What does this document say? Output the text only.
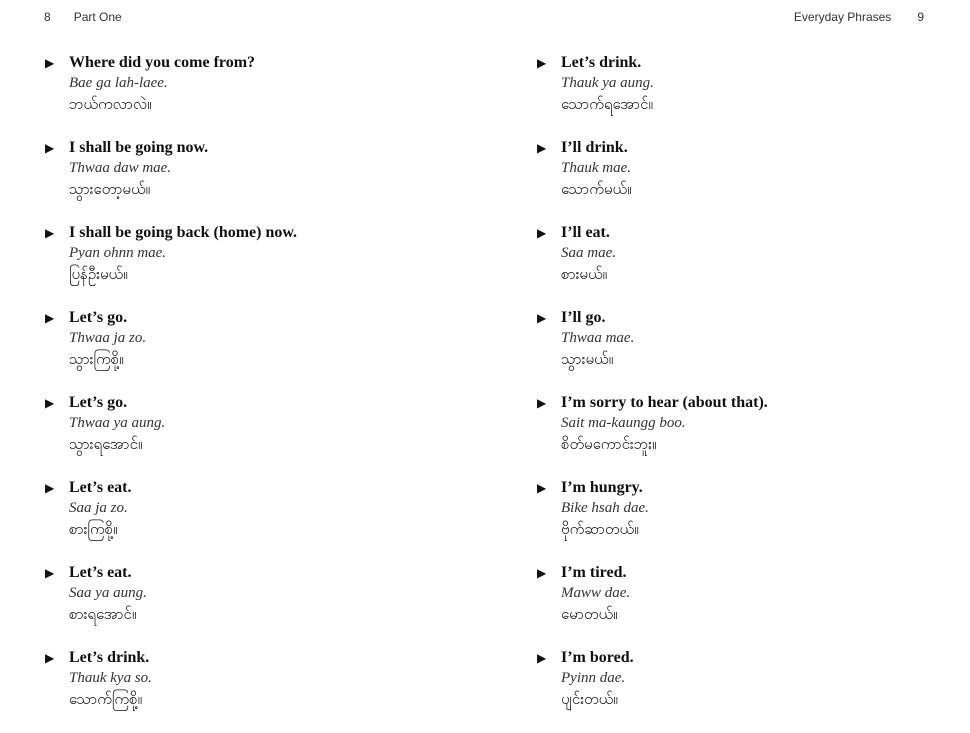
8 Part One	Everyday Phrases 9
▶ Where did you come from?
Bae ga lah-laee.
ဘယ်ကလာလဲ။
▶ I shall be going now.
Thwaa daw mae.
သွားတော့မယ်။
▶ I shall be going back (home) now.
Pyan ohnn mae.
ပြန်ဦးမယ်။
▶ Let’s go.
Thwaa ja zo.
သွားကြစို့။
▶ Let’s go.
Thwaa ya aung.
သွားရအောင်။
▶ Let’s eat.
Saa ja zo.
စားကြစို့။
▶ Let’s eat.
Saa ya aung.
စားရအောင်။
▶ Let’s drink.
Thauk kya so.
သောက်ကြစို့။
▶ Let’s drink.
Thauk ya aung.
သောက်ရအောင်။
▶ I’ll drink.
Thauk mae.
သောက်မယ်။
▶ I’ll eat.
Saa mae.
စားမယ်။
▶ I’ll go.
Thwaa mae.
သွားမယ်။
▶ I’m sorry to hear (about that).
Sait ma-kaungg boo.
စိတ်မကောင်းဘူး။
▶ I’m hungry.
Bike hsah dae.
ဗိုက်ဆာတယ်။
▶ I’m tired.
Maww dae.
မောတယ်။
▶ I’m bored.
Pyinn dae.
ပျင်းတယ်။
